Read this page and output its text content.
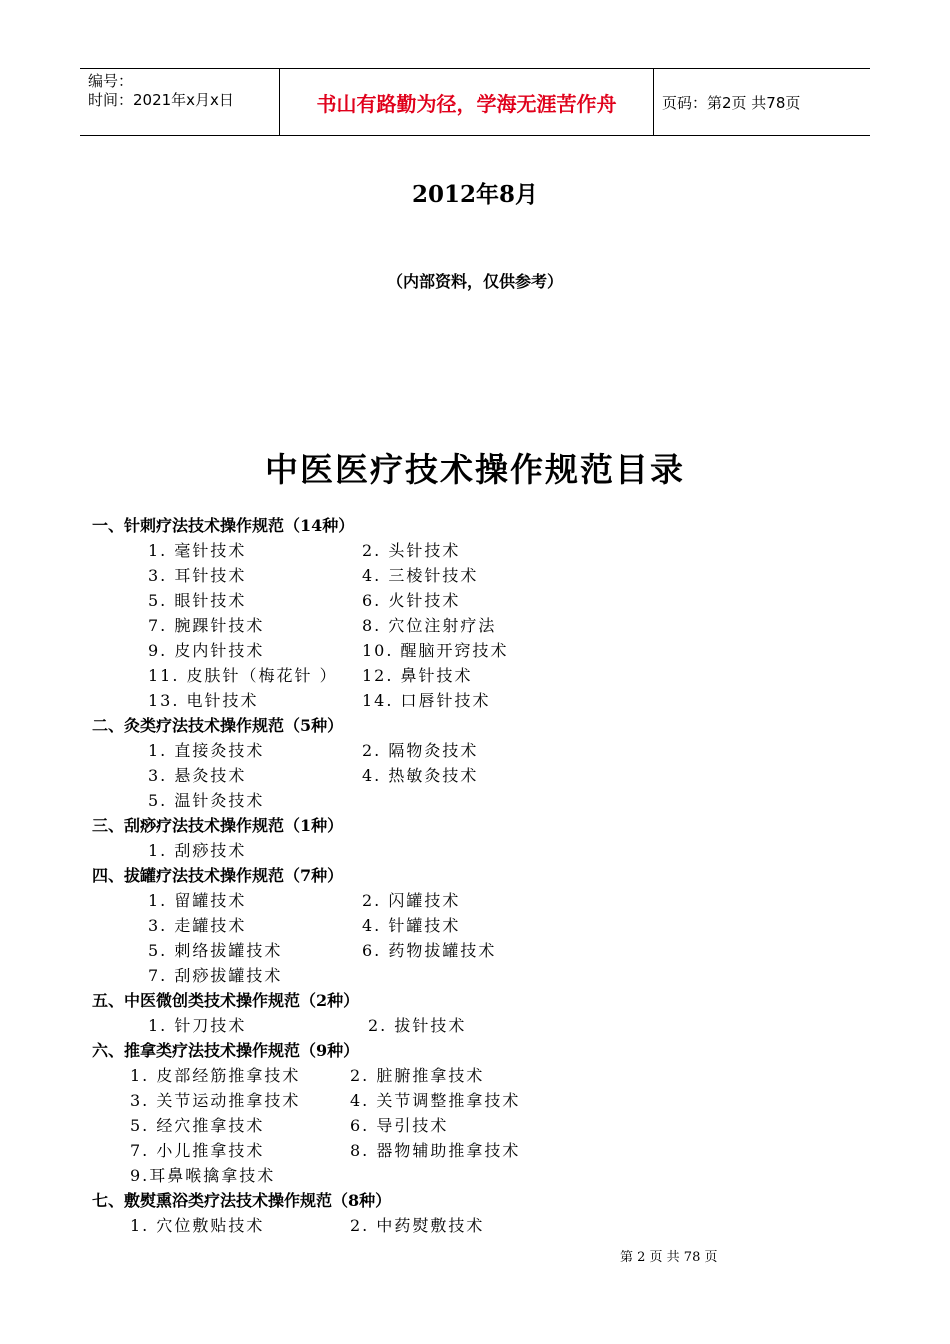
编号：
时间：2021年x月x日	书山有路勤为径，学海无涯苦作舟	页码：第2页 共78页
2012年8月
（内部资料，仅供参考）
中医医疗技术操作规范目录
一、针刺疗法技术操作规范（14种）
1. 毫针技术	2. 头针技术
3. 耳针技术	4. 三棱针技术
5. 眼针技术	6. 火针技术
7. 腕踝针技术	8. 穴位注射疗法
9. 皮内针技术	10. 醒脑开窍技术
11. 皮肤针（梅花针 ） 12. 鼻针技术
13. 电针技术	14. 口唇针技术
二、灸类疗法技术操作规范（5种）
1. 直接灸技术	2. 隔物灸技术
3. 悬灸技术	4. 热敏灸技术
5. 温针灸技术
三、刮痧疗法技术操作规范（1种）
1. 刮痧技术
四、拔罐疗法技术操作规范（7种）
1. 留罐技术	2. 闪罐技术
3. 走罐技术	4. 针罐技术
5. 刺络拔罐技术	6. 药物拔罐技术
7. 刮痧拔罐技术
五、中医微创类技术操作规范（2种）
1. 针刀技术	2. 拔针技术
六、推拿类疗法技术操作规范（9种）
1. 皮部经筋推拿技术	2. 脏腑推拿技术
3. 关节运动推拿技术	4. 关节调整推拿技术
5. 经穴推拿技术	6. 导引技术
7. 小儿推拿技术	8. 器物辅助推拿技术
9.耳鼻喉擒拿技术
七、敷熨熏浴类疗法技术操作规范（8种）
1. 穴位敷贴技术	2. 中药熨敷技术
第 2 页 共 78 页
